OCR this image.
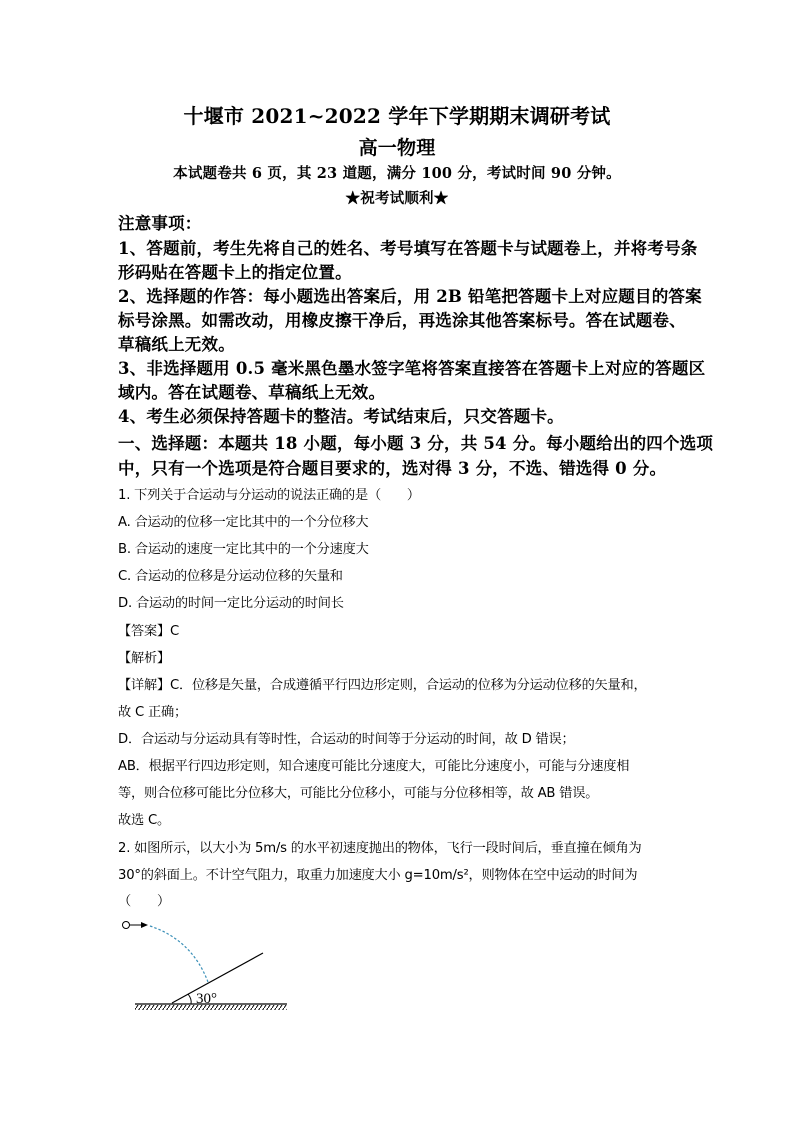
十堰市 2021~2022 学年下学期期末调研考试
高一物理
本试题卷共 6 页，其 23 道题，满分 100 分，考试时间 90 分钟。
★祝考试顺利★
注意事项：
1、答题前，考生先将自己的姓名、考号填写在答题卡与试题卷上，并将考号条
形码贴在答题卡上的指定位置。
2、选择题的作答：每小题选出答案后，用 2B 铅笔把答题卡上对应题目的答案
标号涂黑。如需改动，用橡皮擦干净后，再选涂其他答案标号。答在试题卷、
草稿纸上无效。
3、非选择题用 0.5 毫米黑色墨水签字笔将答案直接答在答题卡上对应的答题区
域内。答在试题卷、草稿纸上无效。
4、考生必须保持答题卡的整洁。考试结束后，只交答题卡。
一、选择题：本题共 18 小题，每小题 3 分，共 54 分。每小题给出的四个选项
中，只有一个选项是符合题目要求的，选对得 3 分，不选、错选得 0 分。
1. 下列关于合运动与分运动的说法正确的是（　　）
A. 合运动的位移一定比其中的一个分位移大
B. 合运动的速度一定比其中的一个分速度大
C. 合运动的位移是分运动位移的矢量和
D. 合运动的时间一定比分运动的时间长
【答案】C
【解析】
【详解】C．位移是矢量，合成遵循平行四边形定则，合运动的位移为分运动位移的矢量和，
故 C 正确；
D．合运动与分运动具有等时性，合运动的时间等于分运动的时间，故 D 错误；
AB．根据平行四边形定则，知合速度可能比分速度大，可能比分速度小，可能与分速度相
等，则合位移可能比分位移大，可能比分位移小，可能与分位移相等，故 AB 错误。
故选 C。
2. 如图所示，以大小为 5m/s 的水平初速度抛出的物体，飞行一段时间后，垂直撞在倾角为
30°的斜面上。不计空气阻力，取重力加速度大小 g=10m/s²，则物体在空中运动的时间为
（　　）
30°
